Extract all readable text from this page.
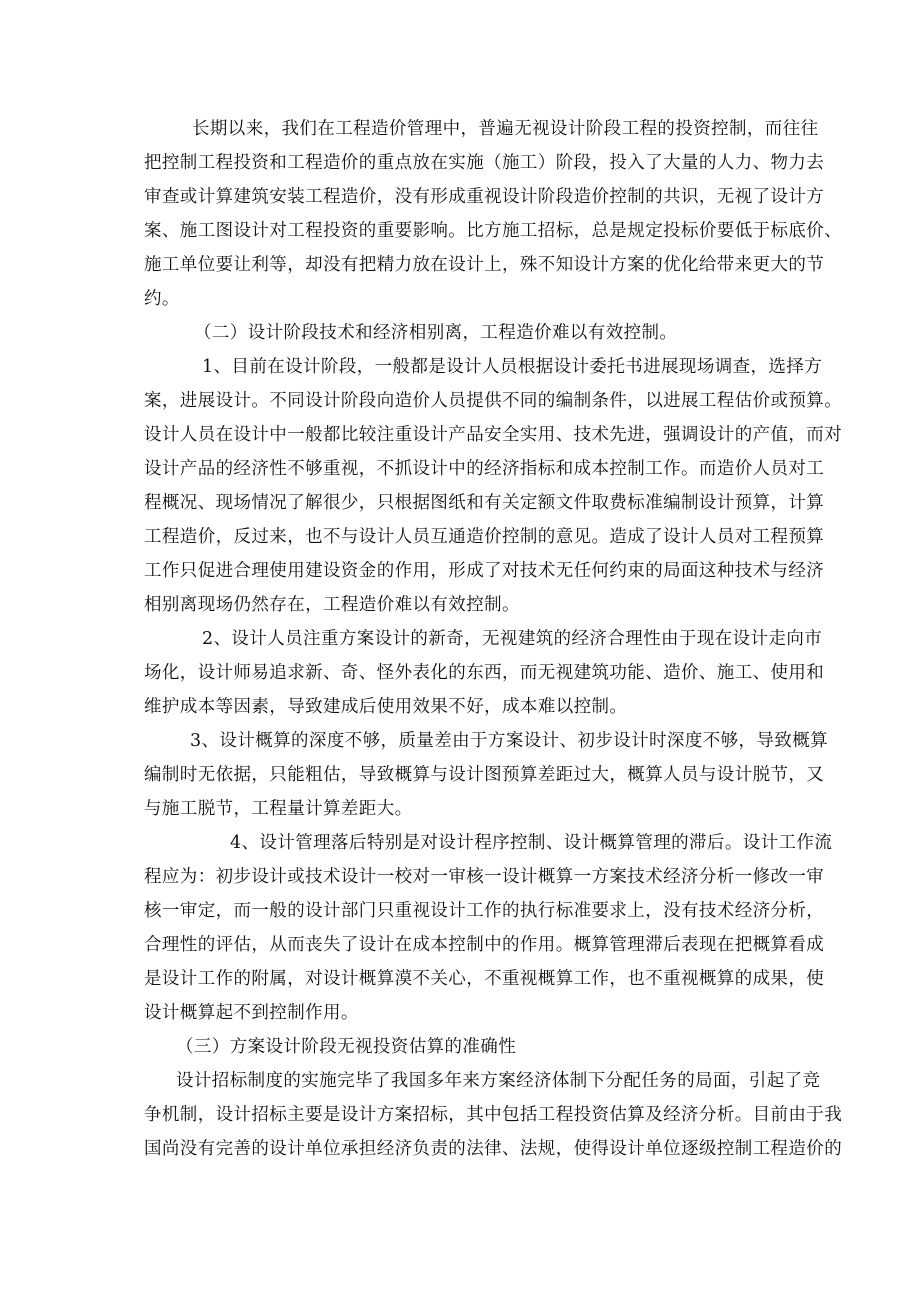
长期以来，我们在工程造价管理中，普遍无视设计阶段工程的投资控制，而往往
把控制工程投资和工程造价的重点放在实施（施工）阶段，投入了大量的人力、物力去
审查或计算建筑安装工程造价，没有形成重视设计阶段造价控制的共识，无视了设计方
案、施工图设计对工程投资的重要影响。比方施工招标，总是规定投标价要低于标底价、
施工单位要让利等，却没有把精力放在设计上，殊不知设计方案的优化给带来更大的节
约。
（二）设计阶段技术和经济相别离，工程造价难以有效控制。
1、目前在设计阶段，一般都是设计人员根据设计委托书进展现场调查，选择方
案，进展设计。不同设计阶段向造价人员提供不同的编制条件，以进展工程估价或预算。
设计人员在设计中一般都比较注重设计产品安全实用、技术先进，强调设计的产值，而对
设计产品的经济性不够重视，不抓设计中的经济指标和成本控制工作。而造价人员对工
程概况、现场情况了解很少，只根据图纸和有关定额文件取费标准编制设计预算，计算
工程造价，反过来，也不与设计人员互通造价控制的意见。造成了设计人员对工程预算
工作只促进合理使用建设资金的作用，形成了对技术无任何约束的局面这种技术与经济
相别离现场仍然存在，工程造价难以有效控制。
2、设计人员注重方案设计的新奇，无视建筑的经济合理性由于现在设计走向市
场化，设计师易追求新、奇、怪外表化的东西，而无视建筑功能、造价、施工、使用和
维护成本等因素，导致建成后使用效果不好，成本难以控制。
3、设计概算的深度不够，质量差由于方案设计、初步设计时深度不够，导致概算
编制时无依据，只能粗估，导致概算与设计图预算差距过大，概算人员与设计脱节，又
与施工脱节，工程量计算差距大。
4、设计管理落后特别是对设计程序控制、设计概算管理的滞后。设计工作流
程应为：初步设计或技术设计一校对一审核一设计概算一方案技术经济分析一修改一审
核一审定，而一般的设计部门只重视设计工作的执行标准要求上，没有技术经济分析，
合理性的评估，从而丧失了设计在成本控制中的作用。概算管理滞后表现在把概算看成
是设计工作的附属，对设计概算漠不关心，不重视概算工作，也不重视概算的成果，使
设计概算起不到控制作用。
（三）方案设计阶段无视投资估算的准确性
设计招标制度的实施完毕了我国多年来方案经济体制下分配任务的局面，引起了竞
争机制，设计招标主要是设计方案招标，其中包括工程投资估算及经济分析。目前由于我
国尚没有完善的设计单位承担经济负责的法律、法规，使得设计单位逐级控制工程造价的
